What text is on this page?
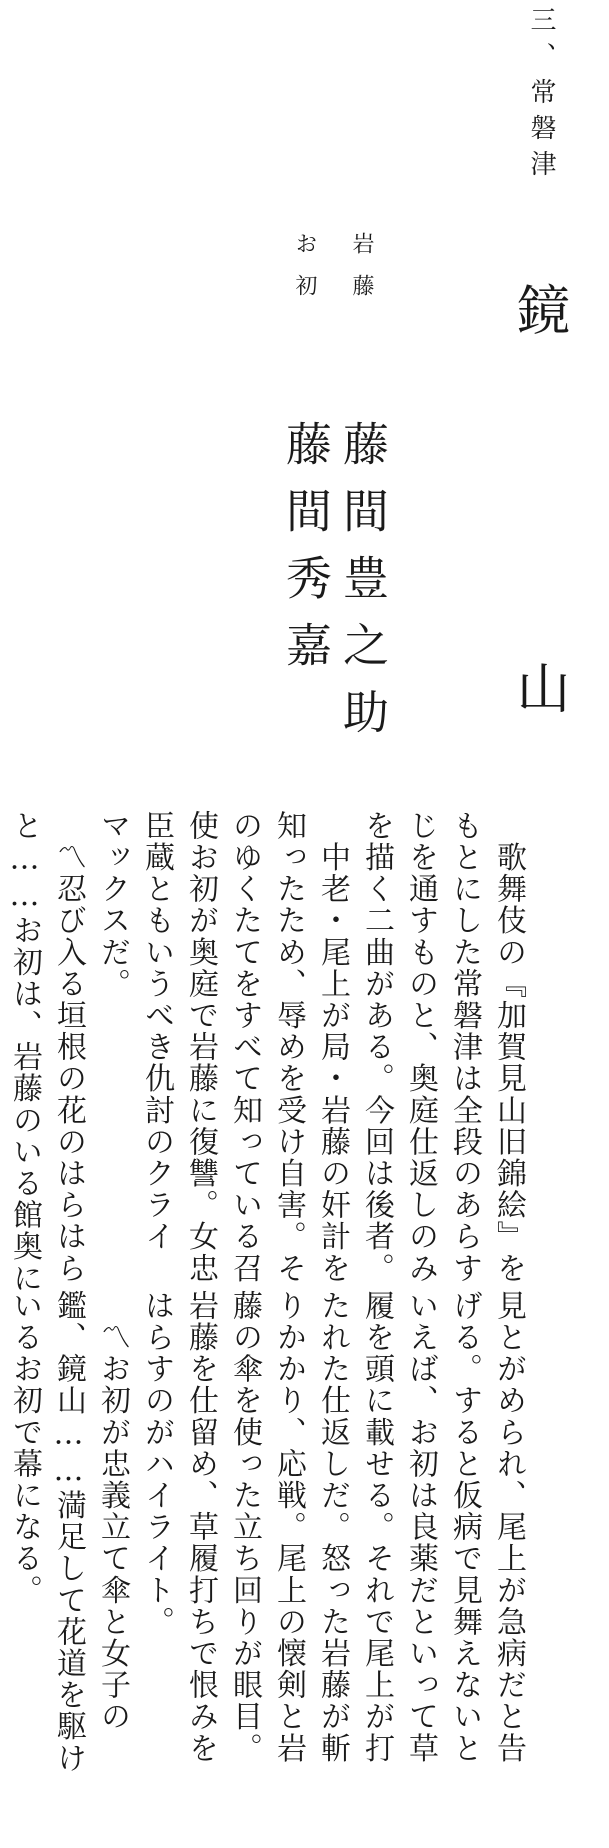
三、常磐津
鏡
山
岩藤
藤間豊之助
お初
藤間秀嘉
　歌舞伎の『加賀見山旧錦絵』を
もとにした常磐津は全段のあらす
じを通すものと、奥庭仕返しのみ
を描く二曲がある。今回は後者。
　中老・尾上が局・岩藤の奸計を
知ったため、辱めを受け自害。そ
のゆくたてをすべて知っている召
使お初が奥庭で岩藤に復讐。女忠
臣蔵ともいうべき仇討のクライ
マックスだ。
　〽忍び入る垣根の花のはらはら
と……お初は、岩藤のいる館奥に
見とがめられ、尾上が急病だと告
げる。すると仮病で見舞えないと
いえば、お初は良薬だといって草
履を頭に載せる。それで尾上が打
たれた仕返しだ。怒った岩藤が斬
りかかり、応戦。尾上の懐剣と岩
藤の傘を使った立ち回りが眼目。
岩藤を仕留め、草履打ちで恨みを
はらすのがハイライト。
　〽お初が忠義立て傘と女子の
鑑、鏡山……満足して花道を駆け
いるお初で幕になる。
